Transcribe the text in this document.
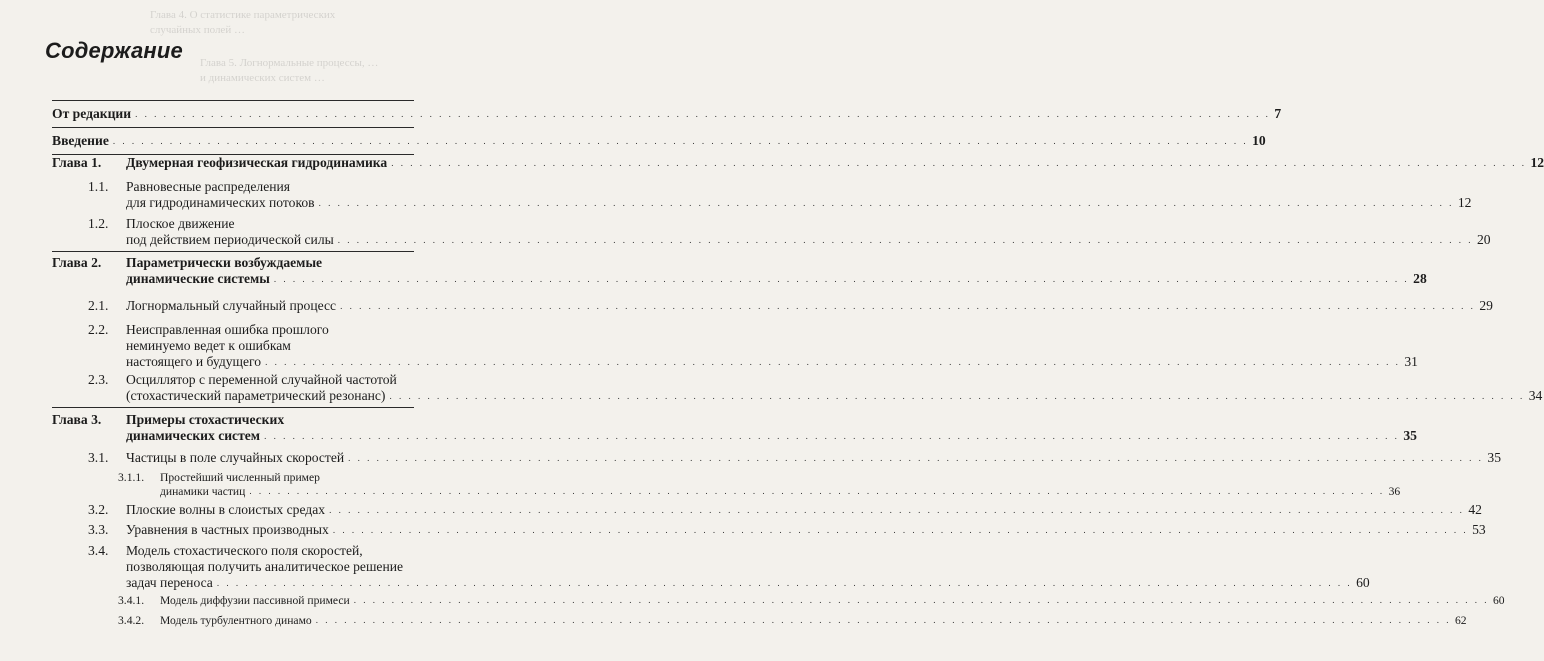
Глава 4. О статистике параметрических
случайных полей …
Глава 5. Логнормальные процессы, …
и динамических систем …
Содержание
От редакции . . . . . . . . . . . . . . . . . . . . . . . . . . . . . . . . . . . . . . . . . . . . . . . . . . . . . . . . . . . . . . . . . . . . . . . . . . . . . . . . . . . . . . . . . . . . . . . . . . . . . . . . . . . . . . . . . . . . . . . . 7
Введение . . . . . . . . . . . . . . . . . . . . . . . . . . . . . . . . . . . . . . . . . . . . . . . . . . . . . . . . . . . . . . . . . . . . . . . . . . . . . . . . . . . . . . . . . . . . . . . . . . . . . . . . . . . . . . . . . . . . . . . . 10
Глава 1. Двумерная геофизическая гидродинамика . . . . . . . . . . . . . . . . . . . . . . . . . . . . . . . . . . . . . . . . . . . . . . . . . . . . . . . . . . . . . . . . . . . . . . . . . . . . . . . . . . . . . . . . . . . . . . . . . . . . . . . . . . . . . . . . . . . . . . . . 12
1.1. Равновесные распределения
для гидродинамических потоков . . . . . . . . . . . . . . . . . . . . . . . . . . . . . . . . . . . . . . . . . . . . . . . . . . . . . . . . . . . . . . . . . . . . . . . . . . . . . . . . . . . . . . . . . . . . . . . . . . . . . . . . . . . . . . . . . . . . . . . . 12
1.2. Плоское движение
под действием периодической силы . . . . . . . . . . . . . . . . . . . . . . . . . . . . . . . . . . . . . . . . . . . . . . . . . . . . . . . . . . . . . . . . . . . . . . . . . . . . . . . . . . . . . . . . . . . . . . . . . . . . . . . . . . . . . . . . . . . . . . . . 20
Глава 2. Параметрически возбуждаемые
динамические системы . . . . . . . . . . . . . . . . . . . . . . . . . . . . . . . . . . . . . . . . . . . . . . . . . . . . . . . . . . . . . . . . . . . . . . . . . . . . . . . . . . . . . . . . . . . . . . . . . . . . . . . . . . . . . . . . . . . . . . . . 28
2.1. Логнормальный случайный процесс . . . . . . . . . . . . . . . . . . . . . . . . . . . . . . . . . . . . . . . . . . . . . . . . . . . . . . . . . . . . . . . . . . . . . . . . . . . . . . . . . . . . . . . . . . . . . . . . . . . . . . . . . . . . . . . . . . . . . . . . 29
2.2. Неисправленная ошибка прошлого
неминуемо ведет к ошибкам
настоящего и будущего . . . . . . . . . . . . . . . . . . . . . . . . . . . . . . . . . . . . . . . . . . . . . . . . . . . . . . . . . . . . . . . . . . . . . . . . . . . . . . . . . . . . . . . . . . . . . . . . . . . . . . . . . . . . . . . . . . . . . . . . 31
2.3. Осциллятор с переменной случайной частотой
(стохастический параметрический резонанс) . . . . . . . . . . . . . . . . . . . . . . . . . . . . . . . . . . . . . . . . . . . . . . . . . . . . . . . . . . . . . . . . . . . . . . . . . . . . . . . . . . . . . . . . . . . . . . . . . . . . . . . . . . . . . . . . . . . . . . . . 34
Глава 3. Примеры стохастических
динамических систем . . . . . . . . . . . . . . . . . . . . . . . . . . . . . . . . . . . . . . . . . . . . . . . . . . . . . . . . . . . . . . . . . . . . . . . . . . . . . . . . . . . . . . . . . . . . . . . . . . . . . . . . . . . . . . . . . . . . . . . . 35
3.1. Частицы в поле случайных скоростей . . . . . . . . . . . . . . . . . . . . . . . . . . . . . . . . . . . . . . . . . . . . . . . . . . . . . . . . . . . . . . . . . . . . . . . . . . . . . . . . . . . . . . . . . . . . . . . . . . . . . . . . . . . . . . . . . . . . . . . . 35
3.1.1. Простейший численный пример
динамики частиц . . . . . . . . . . . . . . . . . . . . . . . . . . . . . . . . . . . . . . . . . . . . . . . . . . . . . . . . . . . . . . . . . . . . . . . . . . . . . . . . . . . . . . . . . . . . . . . . . . . . . . . . . . . . . . . . . . . . . . . . 36
3.2. Плоские волны в слоистых средах . . . . . . . . . . . . . . . . . . . . . . . . . . . . . . . . . . . . . . . . . . . . . . . . . . . . . . . . . . . . . . . . . . . . . . . . . . . . . . . . . . . . . . . . . . . . . . . . . . . . . . . . . . . . . . . . . . . . . . . . 42
3.3. Уравнения в частных производных . . . . . . . . . . . . . . . . . . . . . . . . . . . . . . . . . . . . . . . . . . . . . . . . . . . . . . . . . . . . . . . . . . . . . . . . . . . . . . . . . . . . . . . . . . . . . . . . . . . . . . . . . . . . . . . . . . . . . . . . 53
3.4. Модель стохастического поля скоростей,
позволяющая получить аналитическое решение
задач переноса . . . . . . . . . . . . . . . . . . . . . . . . . . . . . . . . . . . . . . . . . . . . . . . . . . . . . . . . . . . . . . . . . . . . . . . . . . . . . . . . . . . . . . . . . . . . . . . . . . . . . . . . . . . . . . . . . . . . . . . . 60
3.4.1. Модель диффузии пассивной примеси . . . . . . . . . . . . . . . . . . . . . . . . . . . . . . . . . . . . . . . . . . . . . . . . . . . . . . . . . . . . . . . . . . . . . . . . . . . . . . . . . . . . . . . . . . . . . . . . . . . . . . . . . . . . . . . . . . . . . . . . 60
3.4.2. Модель турбулентного динамо . . . . . . . . . . . . . . . . . . . . . . . . . . . . . . . . . . . . . . . . . . . . . . . . . . . . . . . . . . . . . . . . . . . . . . . . . . . . . . . . . . . . . . . . . . . . . . . . . . . . . . . . . . . . . . . . . . . . . . . . 62
